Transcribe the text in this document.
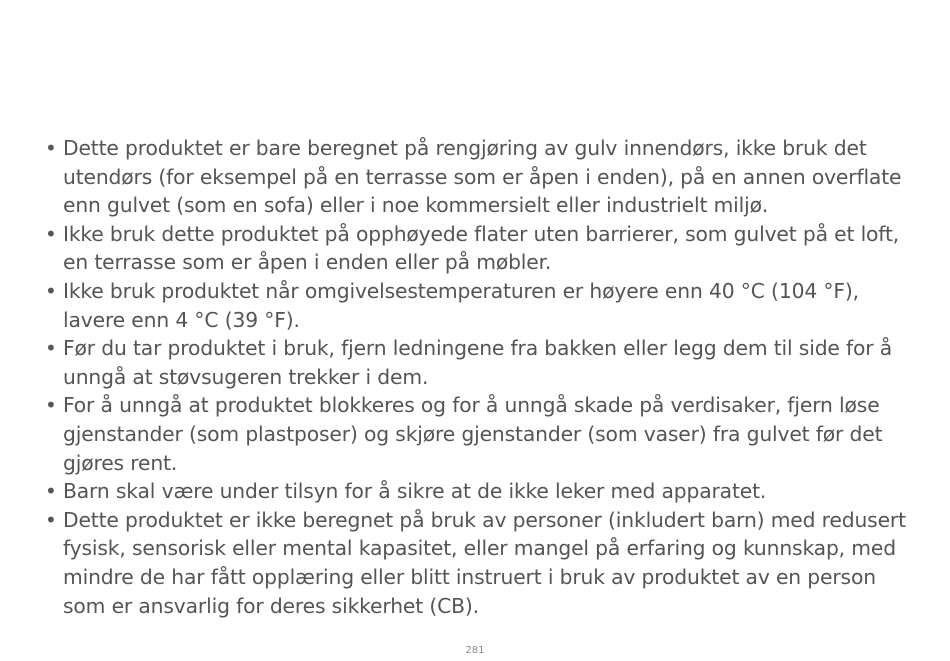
• Dette produktet er bare beregnet på rengjøring av gulv innendørs, ikke bruk det utendørs (for eksempel på en terrasse som er åpen i enden), på en annen overflate enn gulvet (som en sofa) eller i noe kommersielt eller industrielt miljø.
• Ikke bruk dette produktet på opphøyede flater uten barrierer, som gulvet på et loft, en terrasse som er åpen i enden eller på møbler.
• Ikke bruk produktet når omgivelsestemperaturen er høyere enn 40 °C (104 °F), lavere enn 4 °C (39 °F).
• Før du tar produktet i bruk, fjern ledningene fra bakken eller legg dem til side for å unngå at støvsugeren trekker i dem.
• For å unngå at produktet blokkeres og for å unngå skade på verdisaker, fjern løse gjenstander (som plastposer) og skjøre gjenstander (som vaser) fra gulvet før det gjøres rent.
• Barn skal være under tilsyn for å sikre at de ikke leker med apparatet.
• Dette produktet er ikke beregnet på bruk av personer (inkludert barn) med redusert fysisk, sensorisk eller mental kapasitet, eller mangel på erfaring og kunnskap, med mindre de har fått opplæring eller blitt instruert i bruk av produktet av en person som er ansvarlig for deres sikkerhet (CB).
281
